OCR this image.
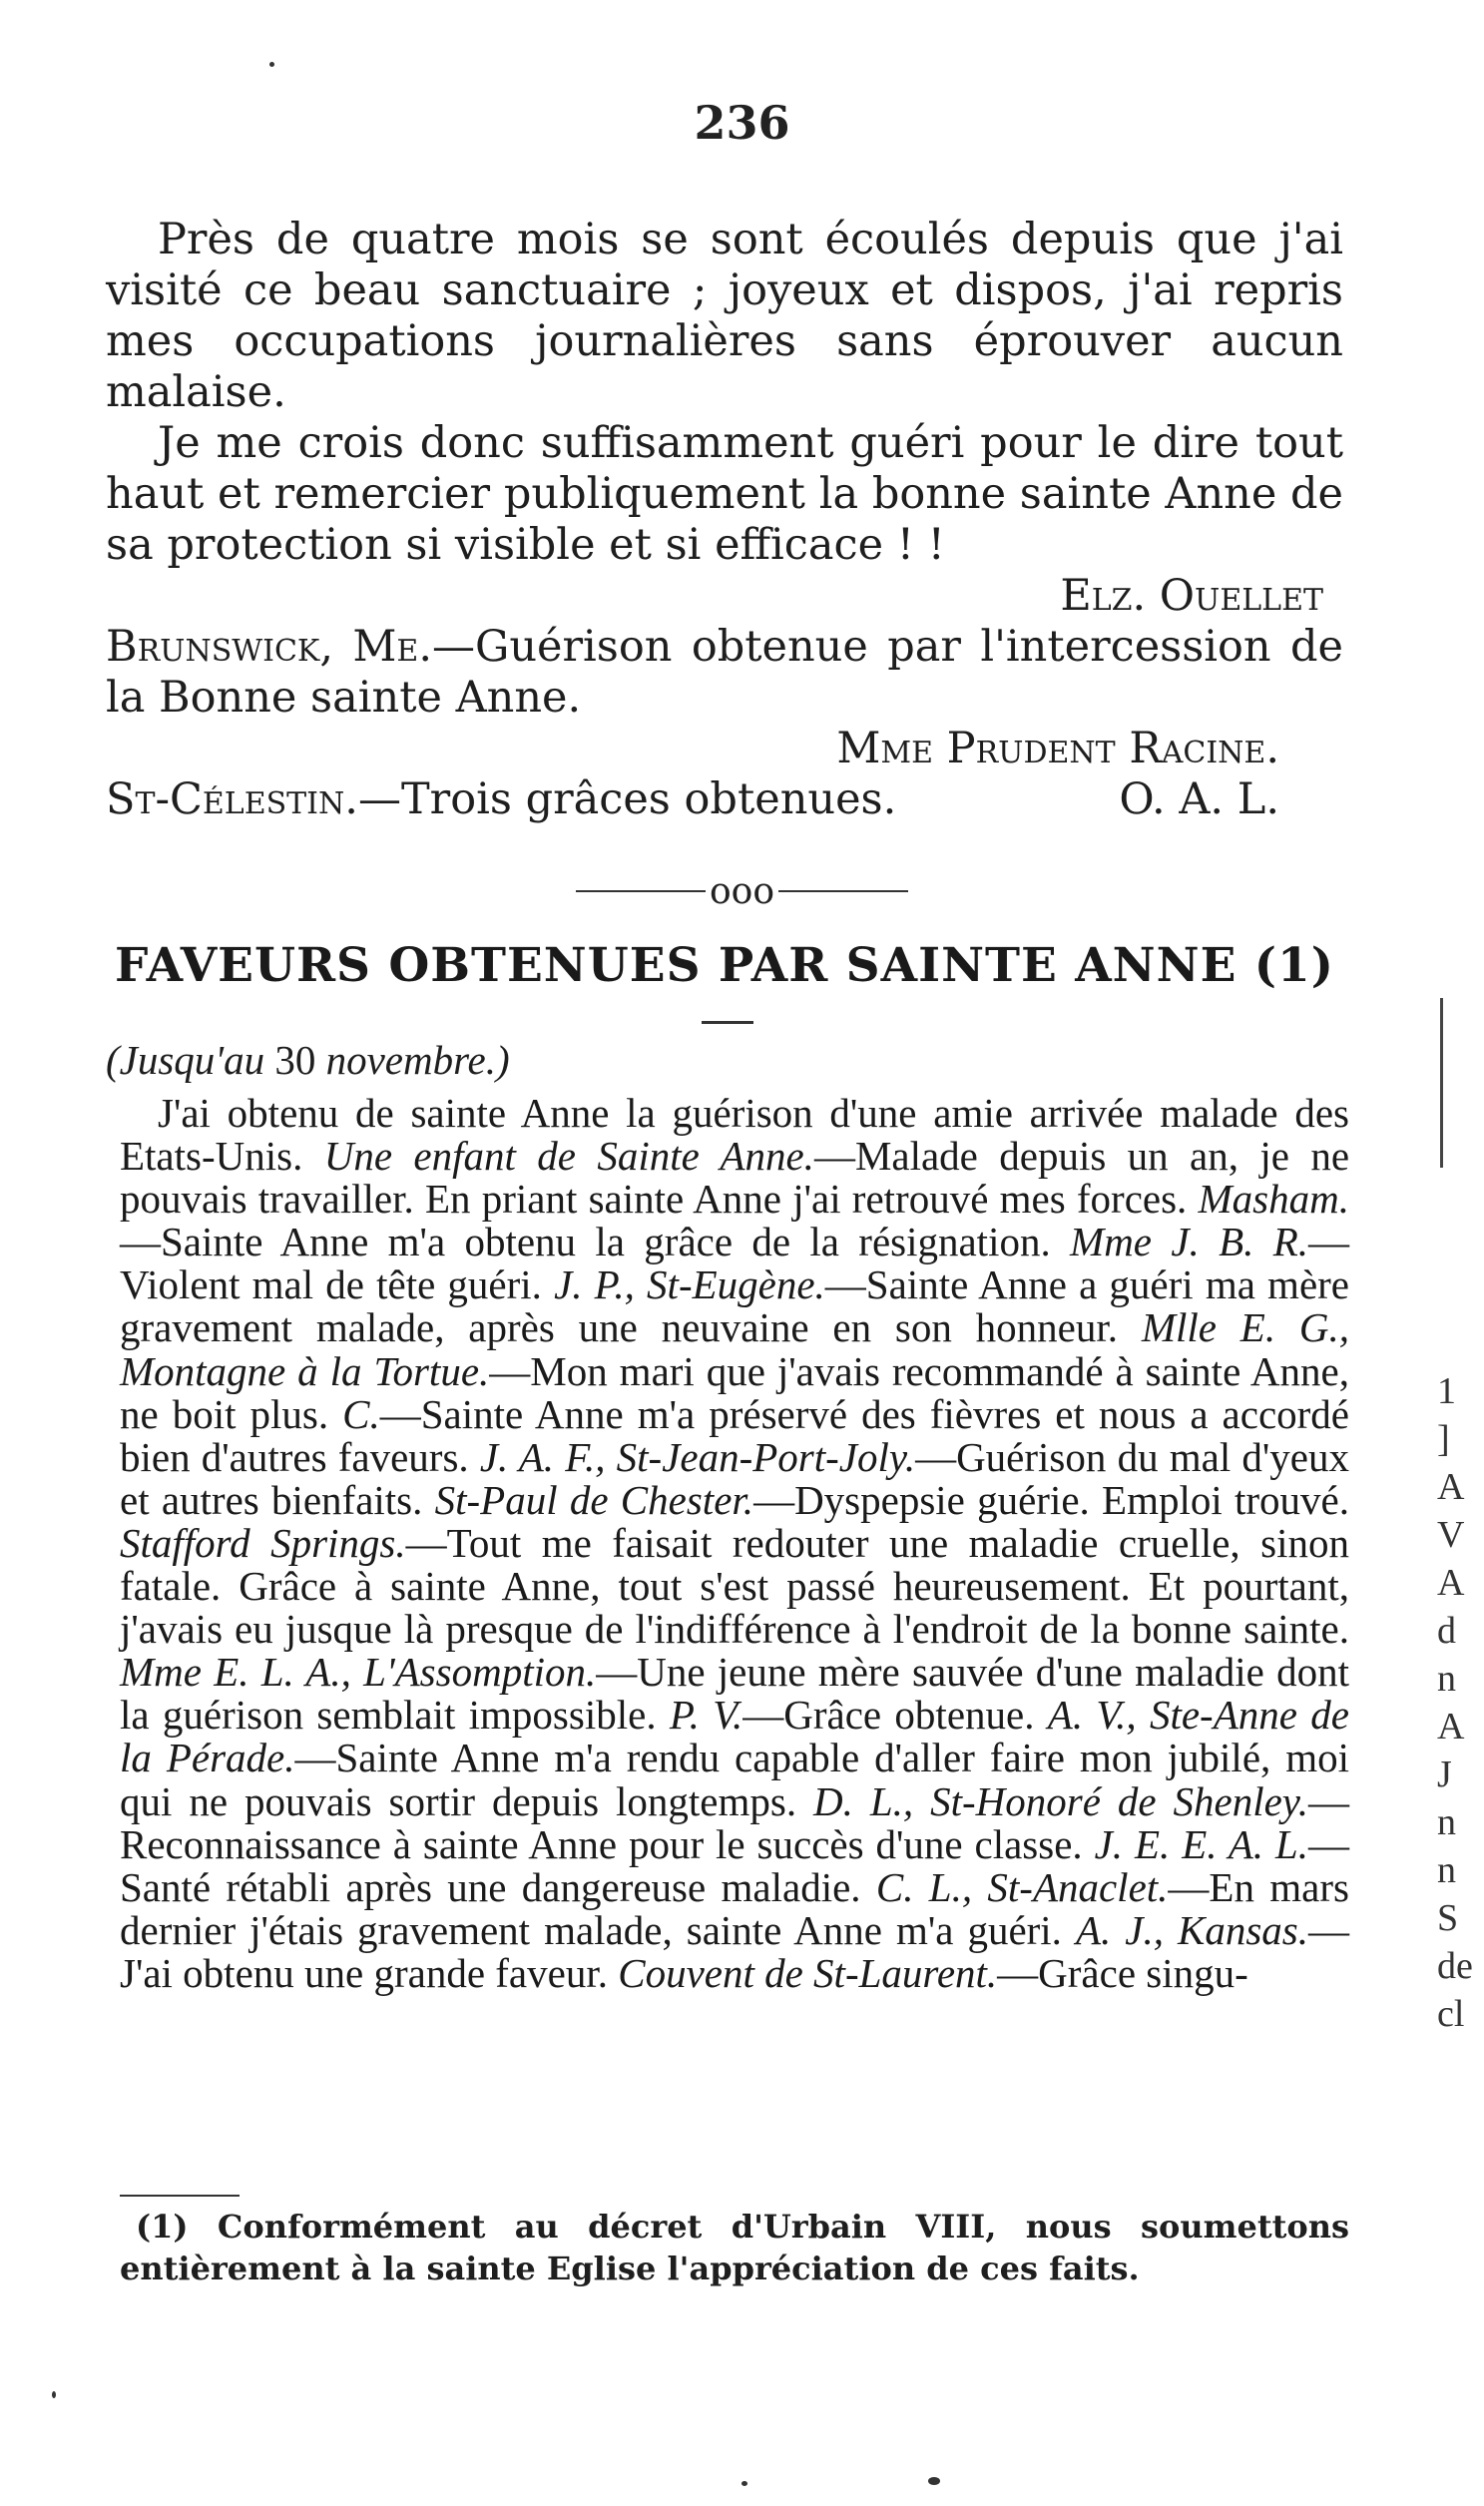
236

Près de quatre mois se sont écoulés depuis que j'ai visité ce beau sanctuaire ; joyeux et dispos, j'ai repris mes occupations journalières sans éprouver aucun malaise.

Je me crois donc suffisamment guéri pour le dire tout haut et remercier publiquement la bonne sainte Anne de sa protection si visible et si efficace ! !

Elz. Ouellet

Brunswick, Me.—Guérison obtenue par l'intercession de la Bonne sainte Anne.

Mme Prudent Racine.

St-Célestin.—Trois grâces obtenues.	O. A. L.

ooo
FAVEURS OBTENUES PAR SAINTE ANNE (1)
(Jusqu'au 30 novembre.)

J'ai obtenu de sainte Anne la guérison d'une amie arrivée malade des Etats-Unis. Une enfant de Sainte Anne.—Malade depuis un an, je ne pouvais travailler. En priant sainte Anne j'ai retrouvé mes forces. Masham.—Sainte Anne m'a obtenu la grâce de la résignation. Mme J. B. R.—Violent mal de tête guéri. J. P., St-Eugène.—Sainte Anne a guéri ma mère gravement malade, après une neuvaine en son honneur. Mlle E. G., Montagne à la Tortue.—Mon mari que j'avais recommandé à sainte Anne, ne boit plus. C.—Sainte Anne m'a préservé des fièvres et nous a accordé bien d'autres faveurs. J. A. F., St-Jean-Port-Joly.—Guérison du mal d'yeux et autres bienfaits. St-Paul de Chester.—Dyspepsie guérie. Emploi trouvé. Stafford Springs.—Tout me faisait redouter une maladie cruelle, sinon fatale. Grâce à sainte Anne, tout s'est passé heureusement. Et pourtant, j'avais eu jusque là presque de l'indifférence à l'endroit de la bonne sainte. Mme E. L. A., L'Assomption.—Une jeune mère sauvée d'une maladie dont la guérison semblait impossible. P. V.—Grâce obtenue. A. V., Ste-Anne de la Pérade.—Sainte Anne m'a rendu capable d'aller faire mon jubilé, moi qui ne pouvais sortir depuis longtemps. D. L., St-Honoré de Shenley.—Reconnaissance à sainte Anne pour le succès d'une classe. J. E. E. A. L.—Santé rétabli après une dangereuse maladie. C. L., St-Anaclet.—En mars dernier j'étais gravement malade, sainte Anne m'a guéri. A. J., Kansas.—J'ai obtenu une grande faveur. Couvent de St-Laurent.—Grâce singu-

(1) Conformément au décret d'Urbain VIII, nous soumettons entièrement à la sainte Eglise l'appréciation de ces faits.

1
]
A
V
A
d
n
A
J
n
n
S
de
cl
